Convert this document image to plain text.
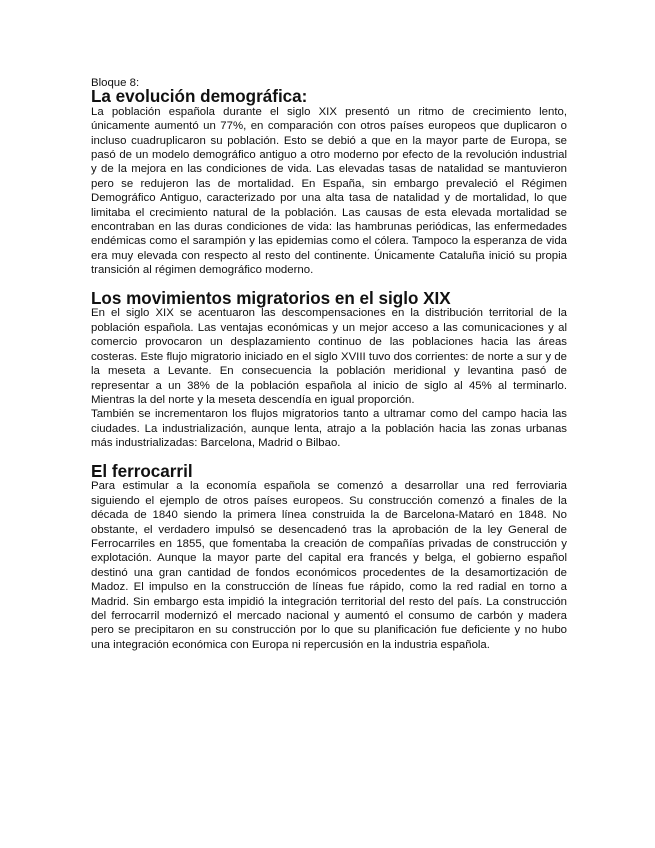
Bloque 8:

La evolución demográfica:

La población española durante el siglo XIX presentó un ritmo de crecimiento lento, únicamente aumentó un 77%, en comparación con otros países europeos que duplicaron o incluso cuadruplicaron su población. Esto se debió a que en la mayor parte de Europa, se pasó de un modelo demográfico antiguo a otro moderno por efecto de la revolución industrial y de la mejora en las condiciones de vida. Las elevadas tasas de natalidad se mantuvieron pero se redujeron las de mortalidad. En España, sin embargo prevaleció el Régimen Demográfico Antiguo, caracterizado por una alta tasa de natalidad y de mortalidad, lo que limitaba el crecimiento natural de la población. Las causas de esta elevada mortalidad se encontraban en las duras condiciones de vida: las hambrunas periódicas, las enfermedades endémicas como el sarampión y las epidemias como el cólera. Tampoco la esperanza de vida era muy elevada con respecto al resto del continente. Únicamente Cataluña inició su propia transición al régimen demográfico moderno.

Los movimientos migratorios en el siglo XIX

En el siglo XIX se acentuaron las descompensaciones en la distribución territorial de la población española. Las ventajas económicas y un mejor acceso a las comunicaciones y al comercio provocaron un desplazamiento continuo de las poblaciones hacia las áreas costeras. Este flujo migratorio iniciado en el siglo XVIII tuvo dos corrientes: de norte a sur y de la meseta a Levante. En consecuencia la población meridional y levantina pasó de representar a un 38% de la población española al inicio de siglo al 45% al terminarlo. Mientras la del norte y la meseta descendía en igual proporción.

También se incrementaron los flujos migratorios tanto a ultramar como del campo hacia las ciudades. La industrialización, aunque lenta, atrajo a la población hacia las zonas urbanas más industrializadas: Barcelona, Madrid o Bilbao.

El ferrocarril

Para estimular a la economía española se comenzó a desarrollar una red ferroviaria siguiendo el ejemplo de otros países europeos. Su construcción comenzó a finales de la década de 1840 siendo la primera línea construida la de Barcelona-Mataró en 1848. No obstante, el verdadero impulsó se desencadenó tras la aprobación de la ley General de Ferrocarriles en 1855, que fomentaba la creación de compañías privadas de construcción y explotación. Aunque la mayor parte del capital era francés y belga, el gobierno español destinó una gran cantidad de fondos económicos procedentes de la desamortización de Madoz. El impulso en la construcción de líneas fue rápido, como la red radial en torno a Madrid. Sin embargo esta impidió la integración territorial del resto del país. La construcción del ferrocarril modernizó el mercado nacional y aumentó el consumo de carbón y madera pero se precipitaron en su construcción por lo que su planificación fue deficiente y no hubo una integración económica con Europa ni repercusión en la industria española.
